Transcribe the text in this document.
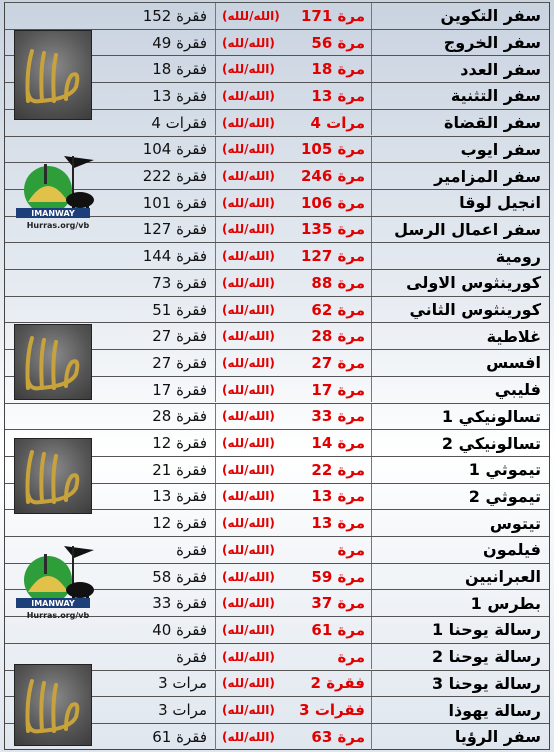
152 فقرة	(الله/للله) 171 مرة	سفر التكوين
49 فقرة	(الله/لله) 56 مرة	سفر الخروج
18 فقرة	(الله/لله) 18 مرة	سفر العدد
13 فقرة	(الله/لله) 13 مرة	سفر التثنية
4 فقرات	(الله/لله) 4 مرات	سفر القضاة
104 فقرة	(الله/لله) 105 مرة	سفر ايوب
222 فقرة	(الله/لله) 246 مرة	سفر المزامير
101 فقرة	(الله/لله) 106 مرة	انجيل لوقا
127 فقرة	(الله/لله) 135 مرة	سفر اعمال الرسل
144 فقرة	(الله/لله) 127 مرة	رومية
73 فقرة	(الله/لله) 88 مرة	كورينثوس الاولى
51 فقرة	(الله/لله) 62 مرة	كورينثوس الثاني
27 فقرة	(الله/لله) 28 مرة	غلاطية
27 فقرة	(الله/لله) 27 مرة	افسس
17 فقرة	(الله/لله) 17 مرة	فليبي
28 فقرة	(الله/لله) 33 مرة	تسالونيكي 1
12 فقرة	(الله/لله) 14 مرة	تسالونيكي 2
21 فقرة	(الله/لله) 22 مرة	تيموثي 1
13 فقرة	(الله/لله) 13 مرة	تيموثي 2
12 فقرة	(الله/لله) 13 مرة	تيتوس
فقرة	(الله/لله)	مرة	فيلمون
58 فقرة	(الله/لله) 59 مرة	العبرانيين
33 فقرة	(الله/لله) 37 مرة	بطرس 1
40 فقرة	(الله/لله) 61 مرة	رسالة يوحنا 1
فقرة	(الله/لله)	مرة	رسالة يوحنا 2
3 مرات	(الله/لله) 2 فقرة	رسالة يوحنا 3
3 مرات	(الله/لله) 3 فقرات	رسالة يهوذا
61 فقرة	(الله/لله) 63 مرة	سفر الرؤيا
IMANWAY
Hurras.org/vb
IMANWAY
Hurras.org/vb
